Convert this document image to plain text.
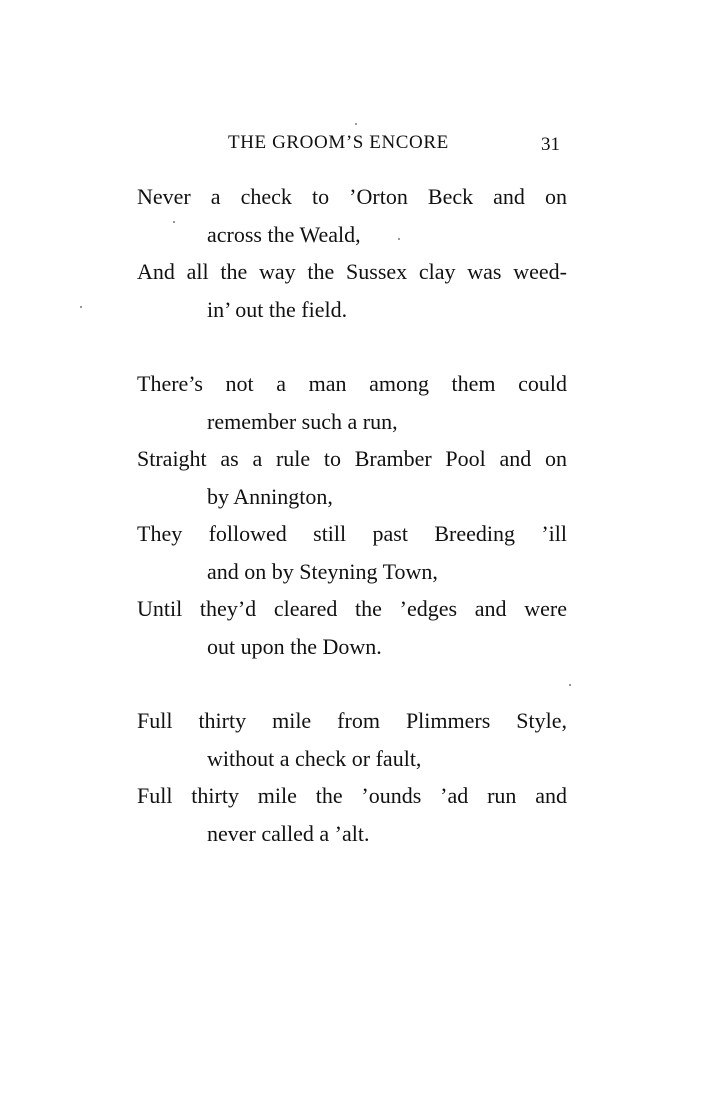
THE GROOM’S ENCORE	31
Never a check to ’Orton Beck and on
across the Weald,
And all the way the Sussex clay was weed-
in’ out the field.
There’s not a man among them could
remember such a run,
Straight as a rule to Bramber Pool and on
by Annington,
They followed still past Breeding ’ill
and on by Steyning Town,
Until they’d cleared the ’edges and were
out upon the Down.
Full thirty mile from Plimmers Style,
without a check or fault,
Full thirty mile the ’ounds ’ad run and
never called a ’alt.
